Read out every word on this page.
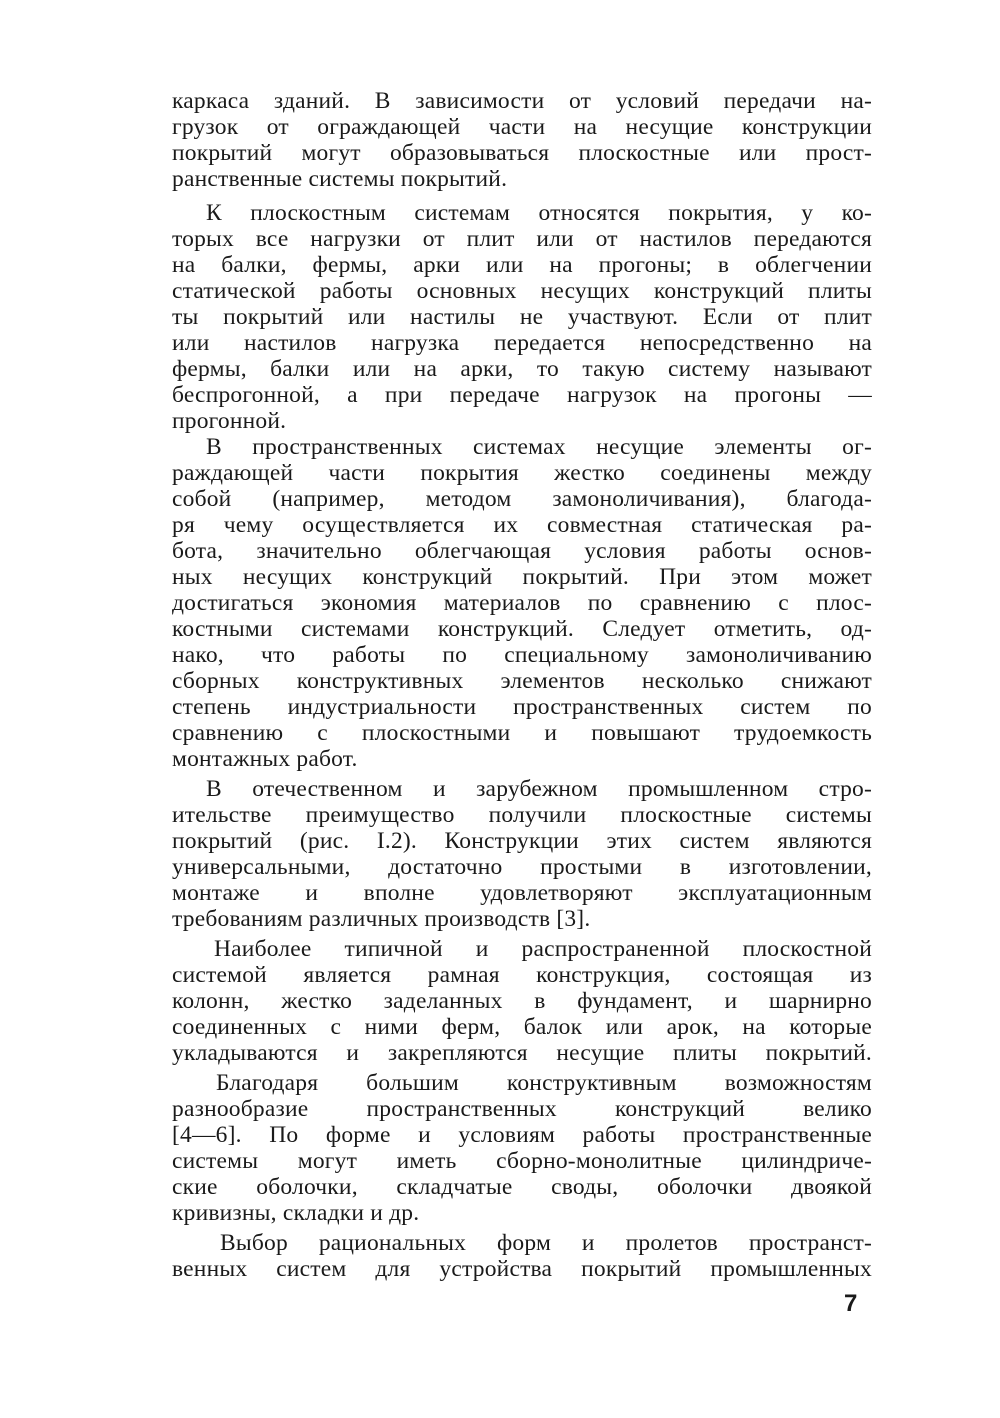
каркаса зданий. В зависимости от условий передачи на-
грузок от ограждающей части на несущие конструкции
покрытий могут образовываться плоскостные или прост-
ранственные системы покрытий.
К плоскостным системам относятся покрытия, у ко-
торых все нагрузки от плит или от настилов передаются
на балки, фермы, арки или на прогоны; в облегчении
статической работы основных несущих конструкций плиты
ты покрытий или настилы не участвуют. Если от плит
или настилов нагрузка передается непосредственно на
фермы, балки или на арки, то такую систему называют
беспрогонной, а при передаче нагрузок на прогоны —
прогонной.
В пространственных системах несущие элементы ог-
раждающей части покрытия жестко соединены между
собой (например, методом замоноличивания), благода-
ря чему осуществляется их совместная статическая ра-
бота, значительно облегчающая условия работы основ-
ных несущих конструкций покрытий. При этом может
достигаться экономия материалов по сравнению с плос-
костными системами конструкций. Следует отметить, од-
нако, что работы по специальному замоноличиванию
сборных конструктивных элементов несколько снижают
степень индустриальности пространственных систем по
сравнению с плоскостными и повышают трудоемкость
монтажных работ.
В отечественном и зарубежном промышленном стро-
ительстве преимущество получили плоскостные системы
покрытий (рис. I.2). Конструкции этих систем являются
универсальными, достаточно простыми в изготовлении,
монтаже и вполне удовлетворяют эксплуатационным
требованиям различных производств [3].
Наиболее типичной и распространенной плоскостной
системой является рамная конструкция, состоящая из
колонн, жестко заделанных в фундамент, и шарнирно
соединенных с ними ферм, балок или арок, на которые
укладываются и закрепляются несущие плиты покрытий.
Благодаря большим конструктивным возможностям
разнообразие пространственных конструкций велико
[4—6]. По форме и условиям работы пространственные
системы могут иметь сборно-монолитные цилиндриче-
ские оболочки, складчатые своды, оболочки двоякой
кривизны, складки и др.
Выбор рациональных форм и пролетов пространст-
венных систем для устройства покрытий промышленных
7
